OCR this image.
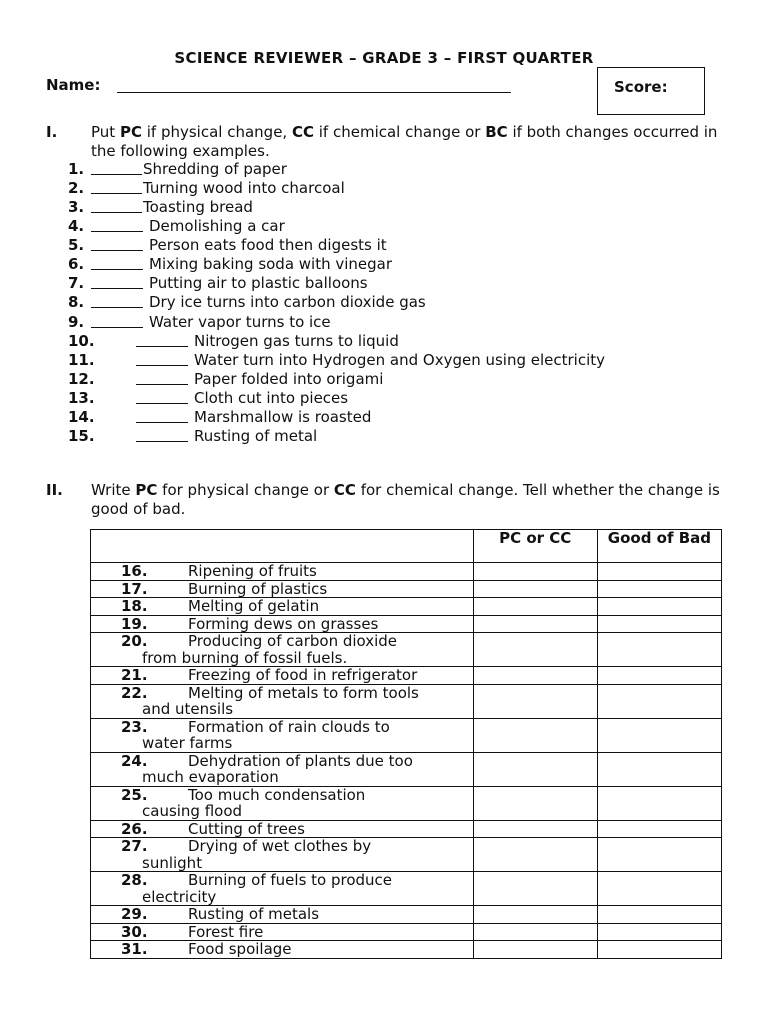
SCIENCE REVIEWER – GRADE 3 – FIRST QUARTER
Name:	Score:
I. Put PC if physical change, CC if chemical change or BC if both changes occurred in the following examples.
1.	Shredding of paper
2.	Turning wood into charcoal
3.	Toasting bread
4.	Demolishing a car
5.	Person eats food then digests it
6.	Mixing baking soda with vinegar
7.	Putting air to plastic balloons
8.	Dry ice turns into carbon dioxide gas
9.	Water vapor turns to ice
10.	Nitrogen gas turns to liquid
11.	Water turn into Hydrogen and Oxygen using electricity
12.	Paper folded into origami
13.	Cloth cut into pieces
14.	Marshmallow is roasted
15.	Rusting of metal
II. Write PC for physical change or CC for chemical change. Tell whether the change is good of bad.
	PC or CC	Good of Bad
16. Ripening of fruits		
17. Burning of plastics		
18. Melting of gelatin		
19. Forming dews on grasses		
20. Producing of carbon dioxide
from burning of fossil fuels.		

21. Freezing of food in refrigerator		
22. Melting of metals to form tools
and utensils		

23. Formation of rain clouds to
water farms		

24. Dehydration of plants due too
much evaporation		

25. Too much condensation
causing flood		

26. Cutting of trees		
27. Drying of wet clothes by
sunlight		

28. Burning of fuels to produce
electricity		

29. Rusting of metals		
30. Forest fire		
31. Food spoilage		
